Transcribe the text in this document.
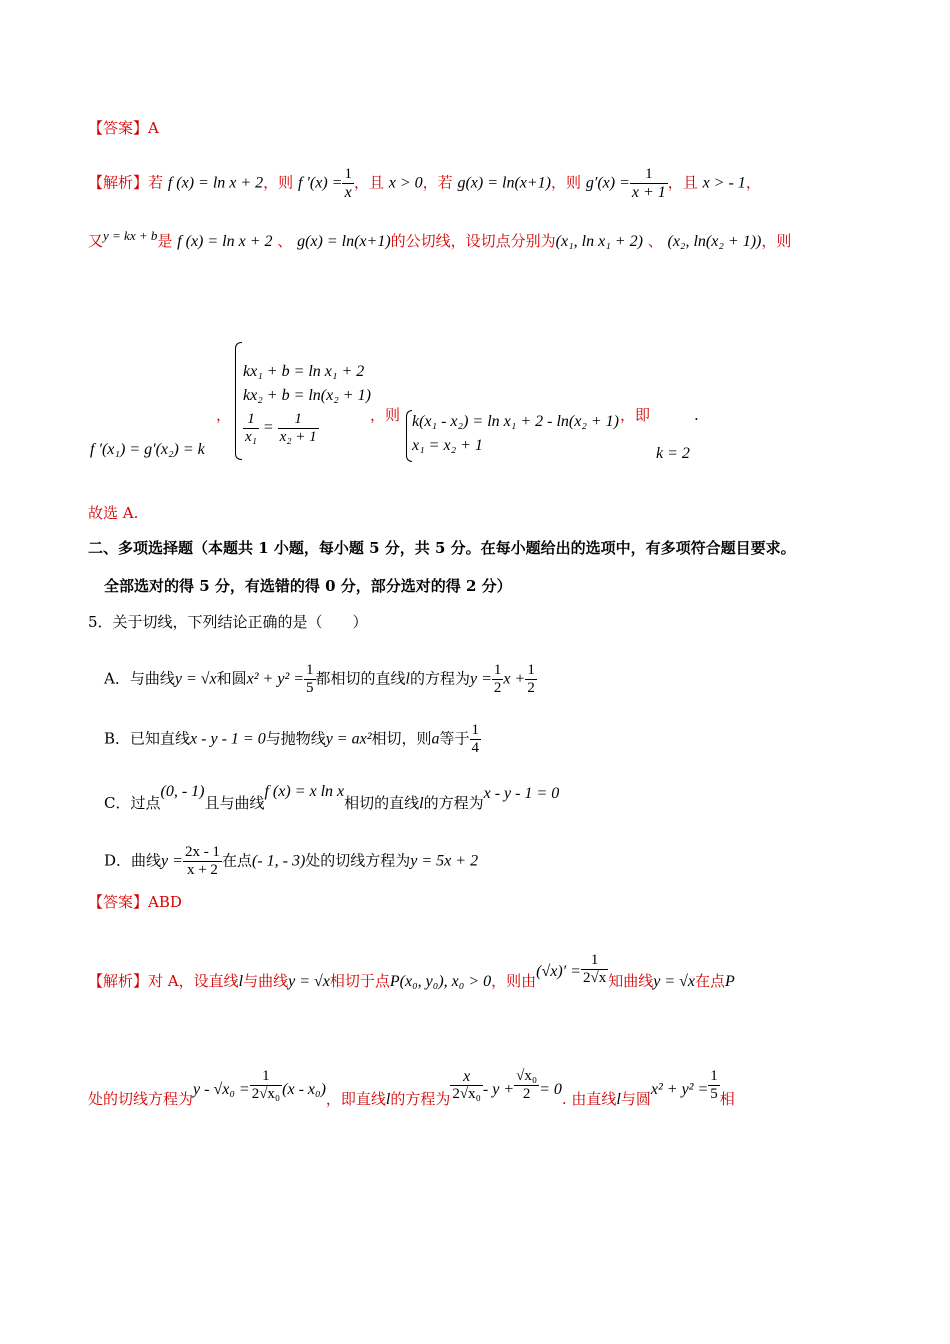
【答案】A
【解析】若 f (x) = ln x + 2，则 f $'(x) = \frac{1}{x}$ ，且 x > 0，若 g(x) = ln(x+1)，则 $g'(x) = \frac{1}{x + 1}$ ，且 x > - 1，
又y = kx + b是 f (x) = ln x + 2 、 g(x) = ln(x+1)的公切线，设切点分别为(x₁, ln x₁ + 2) 、 (x₂, ln(x₂ + 1))，则
f ′(x₁) = g′(x₂) = k
，
kx₁ + b = ln x₁ + 2
kx₂ + b = ln(x₂ + 1)
$\frac{1}{\text{x₁}} = \frac{1}{\text{x₂ + 1}}$	，则 k(x₁ - x₂) = ln x₁ + 2 - ln(x₂ + 1)
x₁ = x₂ + 1
，即	.
k = 2
故选 A.
二、多项选择题（本题共 1 小题，每小题 5 分，共 5 分。在每小题给出的选项中，有多项符合题目要求。
全部选对的得 5 分，有选错的得 0 分，部分选对的得 2 分）
5．关于切线，下列结论正确的是（　　）
A．与曲线y = √x和圆$x^2 + y^2 = \frac{1}{5}$ 都相切的直线l的方程为$y = \frac{1}{2}$ $x + \frac{1}{2}$
B．已知直线x - y - 1 = 0与抛物线y = ax²相切，则a等于 $\frac{1}{4}$
C．过点(0, - 1)且与曲线f (x) = x ln x相切的直线l的方程为x - y - 1 = 0
D．曲线$y = \frac{2x - 1}{x + 2}$ 在点(- 1, - 3)处的切线方程为y = 5x + 2
【答案】ABD
【解析】对 A，设直线l与曲线y = √x相切于点P(x₀, y₀), x₀ > 0，则由$(√x)' = \frac{1}{2√x}$ 知曲线y = √x在点P
处的切线方程为$y - √x_0 = \frac{1}{\text{2√x₀}} (x - x_0)$，即直线l的方程为 $\frac{x}{\text{2√x₀}} - y + \frac{\text{√x₀}}{2} = 0$. 由直线l与圆$x^2 + y^2 = \frac{1}{5}$ 相
